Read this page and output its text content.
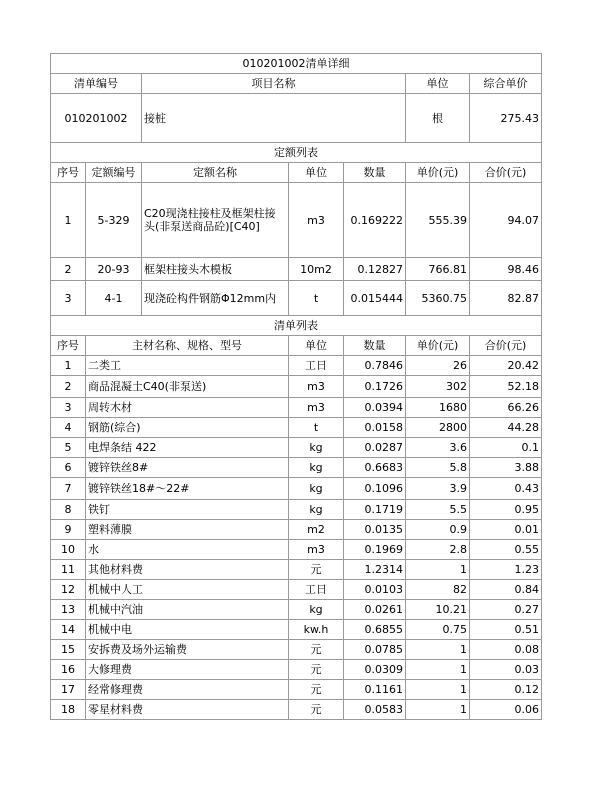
010201002清单详细						
清单编号		项目名称			单位	综合单价
010201002		接桩			根	275.43
定额列表						
序号	定额编号	定额名称	单位	数量	单价(元)	合价(元)
1	5-329	C20现浇柱接柱及框架柱接头(非泵送商品砼)[C40]	m3	0.169222	555.39	94.07
2	20-93	框架柱接头木模板	10m2	0.12827	766.81	98.46
3	4-1	现浇砼构件钢筋Φ12mm内	t	0.015444	5360.75	82.87
清单列表						
序号	主材名称、规格、型号		单位	数量	单价(元)	合价(元)
1	二类工		工日	0.7846	26	20.42
2	商品混凝土C40(非泵送)		m3	0.1726	302	52.18
3	周转木材		m3	0.0394	1680	66.26
4	钢筋(综合)		t	0.0158	2800	44.28
5	电焊条结 422		kg	0.0287	3.6	0.1
6	镀锌铁丝8#		kg	0.6683	5.8	3.88
7	镀锌铁丝18#～22#		kg	0.1096	3.9	0.43
8	铁钉		kg	0.1719	5.5	0.95
9	塑料薄膜		m2	0.0135	0.9	0.01
10	水		m3	0.1969	2.8	0.55
11	其他材料费		元	1.2314	1	1.23
12	机械中人工		工日	0.0103	82	0.84
13	机械中汽油		kg	0.0261	10.21	0.27
14	机械中电		kw.h	0.6855	0.75	0.51
15	安拆费及场外运输费		元	0.0785	1	0.08
16	大修理费		元	0.0309	1	0.03
17	经常修理费		元	0.1161	1	0.12
18	零星材料费		元	0.0583	1	0.06
